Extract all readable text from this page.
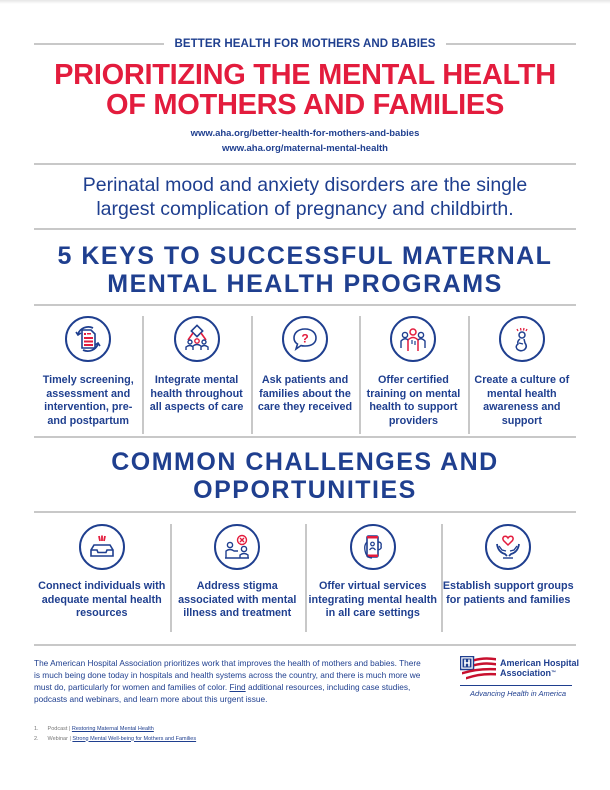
BETTER HEALTH FOR MOTHERS AND BABIES
PRIORITIZING THE MENTAL HEALTH
OF MOTHERS AND FAMILIES
www.aha.org/better-health-for-mothers-and-babies
www.aha.org/maternal-mental-health
Perinatal mood and anxiety disorders are the single
largest complication of pregnancy and childbirth.
5 KEYS TO SUCCESSFUL MATERNAL
MENTAL HEALTH PROGRAMS
Timely screening, assessment and intervention, pre- and postpartum
Integrate mental health throughout all aspects of care
?
Ask patients and families about the care they received
Offer certified training on mental health to support providers
Create a culture of mental health awareness and support
COMMON CHALLENGES AND
OPPORTUNITIES
Connect individuals with adequate mental health resources
Address stigma associated with mental illness and treatment
Offer virtual services integrating mental health in all care settings
Establish support groups for patients and families
The American Hospital Association prioritizes work that improves the health of mothers and babies. There is much being done today in hospitals and health systems across the country, and there is much more we must do, particularly for women and families of color. Find additional resources, including case studies, podcasts and webinars, and learn more about this urgent issue.
1. Podcast | Restoring Maternal Mental Health
2. Webinar | Strong Mental Well-being for Mothers and Families
American Hospital
Association™
Advancing Health in America
